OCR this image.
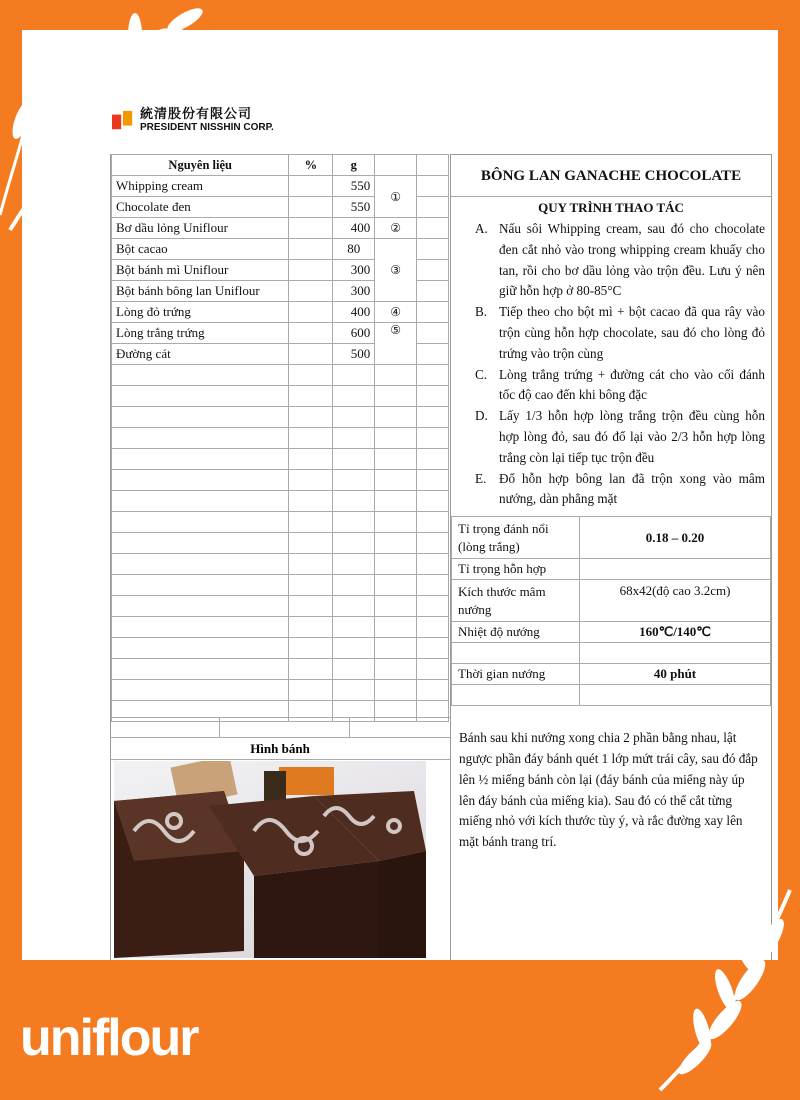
統清股份有限公司
PRESIDENT NISSHIN CORP.
Nguyên liệu	%	g		
Whipping cream		550	①	
Chocolate đen		550		
Bơ dầu lỏng Uniflour		400	②	
Bột cacao		80	③	
Bột bánh mì Uniflour		300		
Bột bánh bông lan Uniflour		300		
Lòng đỏ trứng		400	④	
Lòng trắng trứng		600	⑤	
Đường cát		500		

Hình bánh
BÔNG LAN GANACHE CHOCOLATE
QUY TRÌNH THAO TÁC
A. Nấu sôi Whipping cream, sau đó cho chocolate đen cắt nhỏ vào trong whipping cream khuấy cho tan, rồi cho bơ dầu lỏng vào trộn đều. Lưu ý nên giữ hỗn hợp ở 80-85°C
B. Tiếp theo cho bột mì + bột cacao đã qua rây vào trộn cùng hỗn hợp chocolate, sau đó cho lòng đỏ trứng vào trộn cùng
C. Lòng trắng trứng + đường cát cho vào cối đánh tốc độ cao đến khi bông đặc
D. Lấy 1/3 hỗn hợp lòng trắng trộn đều cùng hỗn hợp lòng đỏ, sau đó đổ lại vào 2/3 hỗn hợp lòng trắng còn lại tiếp tục trộn đều
E. Đổ hỗn hợp bông lan đã trộn xong vào mâm nướng, dàn phẳng mặt
Tỉ trọng đánh nổi (lòng trắng)	0.18 – 0.20
Tỉ trọng hỗn hợp	
Kích thước mâm nướng	68x42(độ cao 3.2cm)
Nhiệt độ nướng	160℃/140℃

Thời gian nướng	40 phút

Bánh sau khi nướng xong chia 2 phần bằng nhau, lật ngược phần đáy bánh quét 1 lớp mứt trái cây, sau đó đắp lên ½ miếng bánh còn lại (đáy bánh của miếng này úp lên đáy bánh của miếng kia). Sau đó có thể cắt từng miếng nhỏ với kích thước tùy ý, và rắc đường xay lên mặt bánh trang trí.
uniflour
